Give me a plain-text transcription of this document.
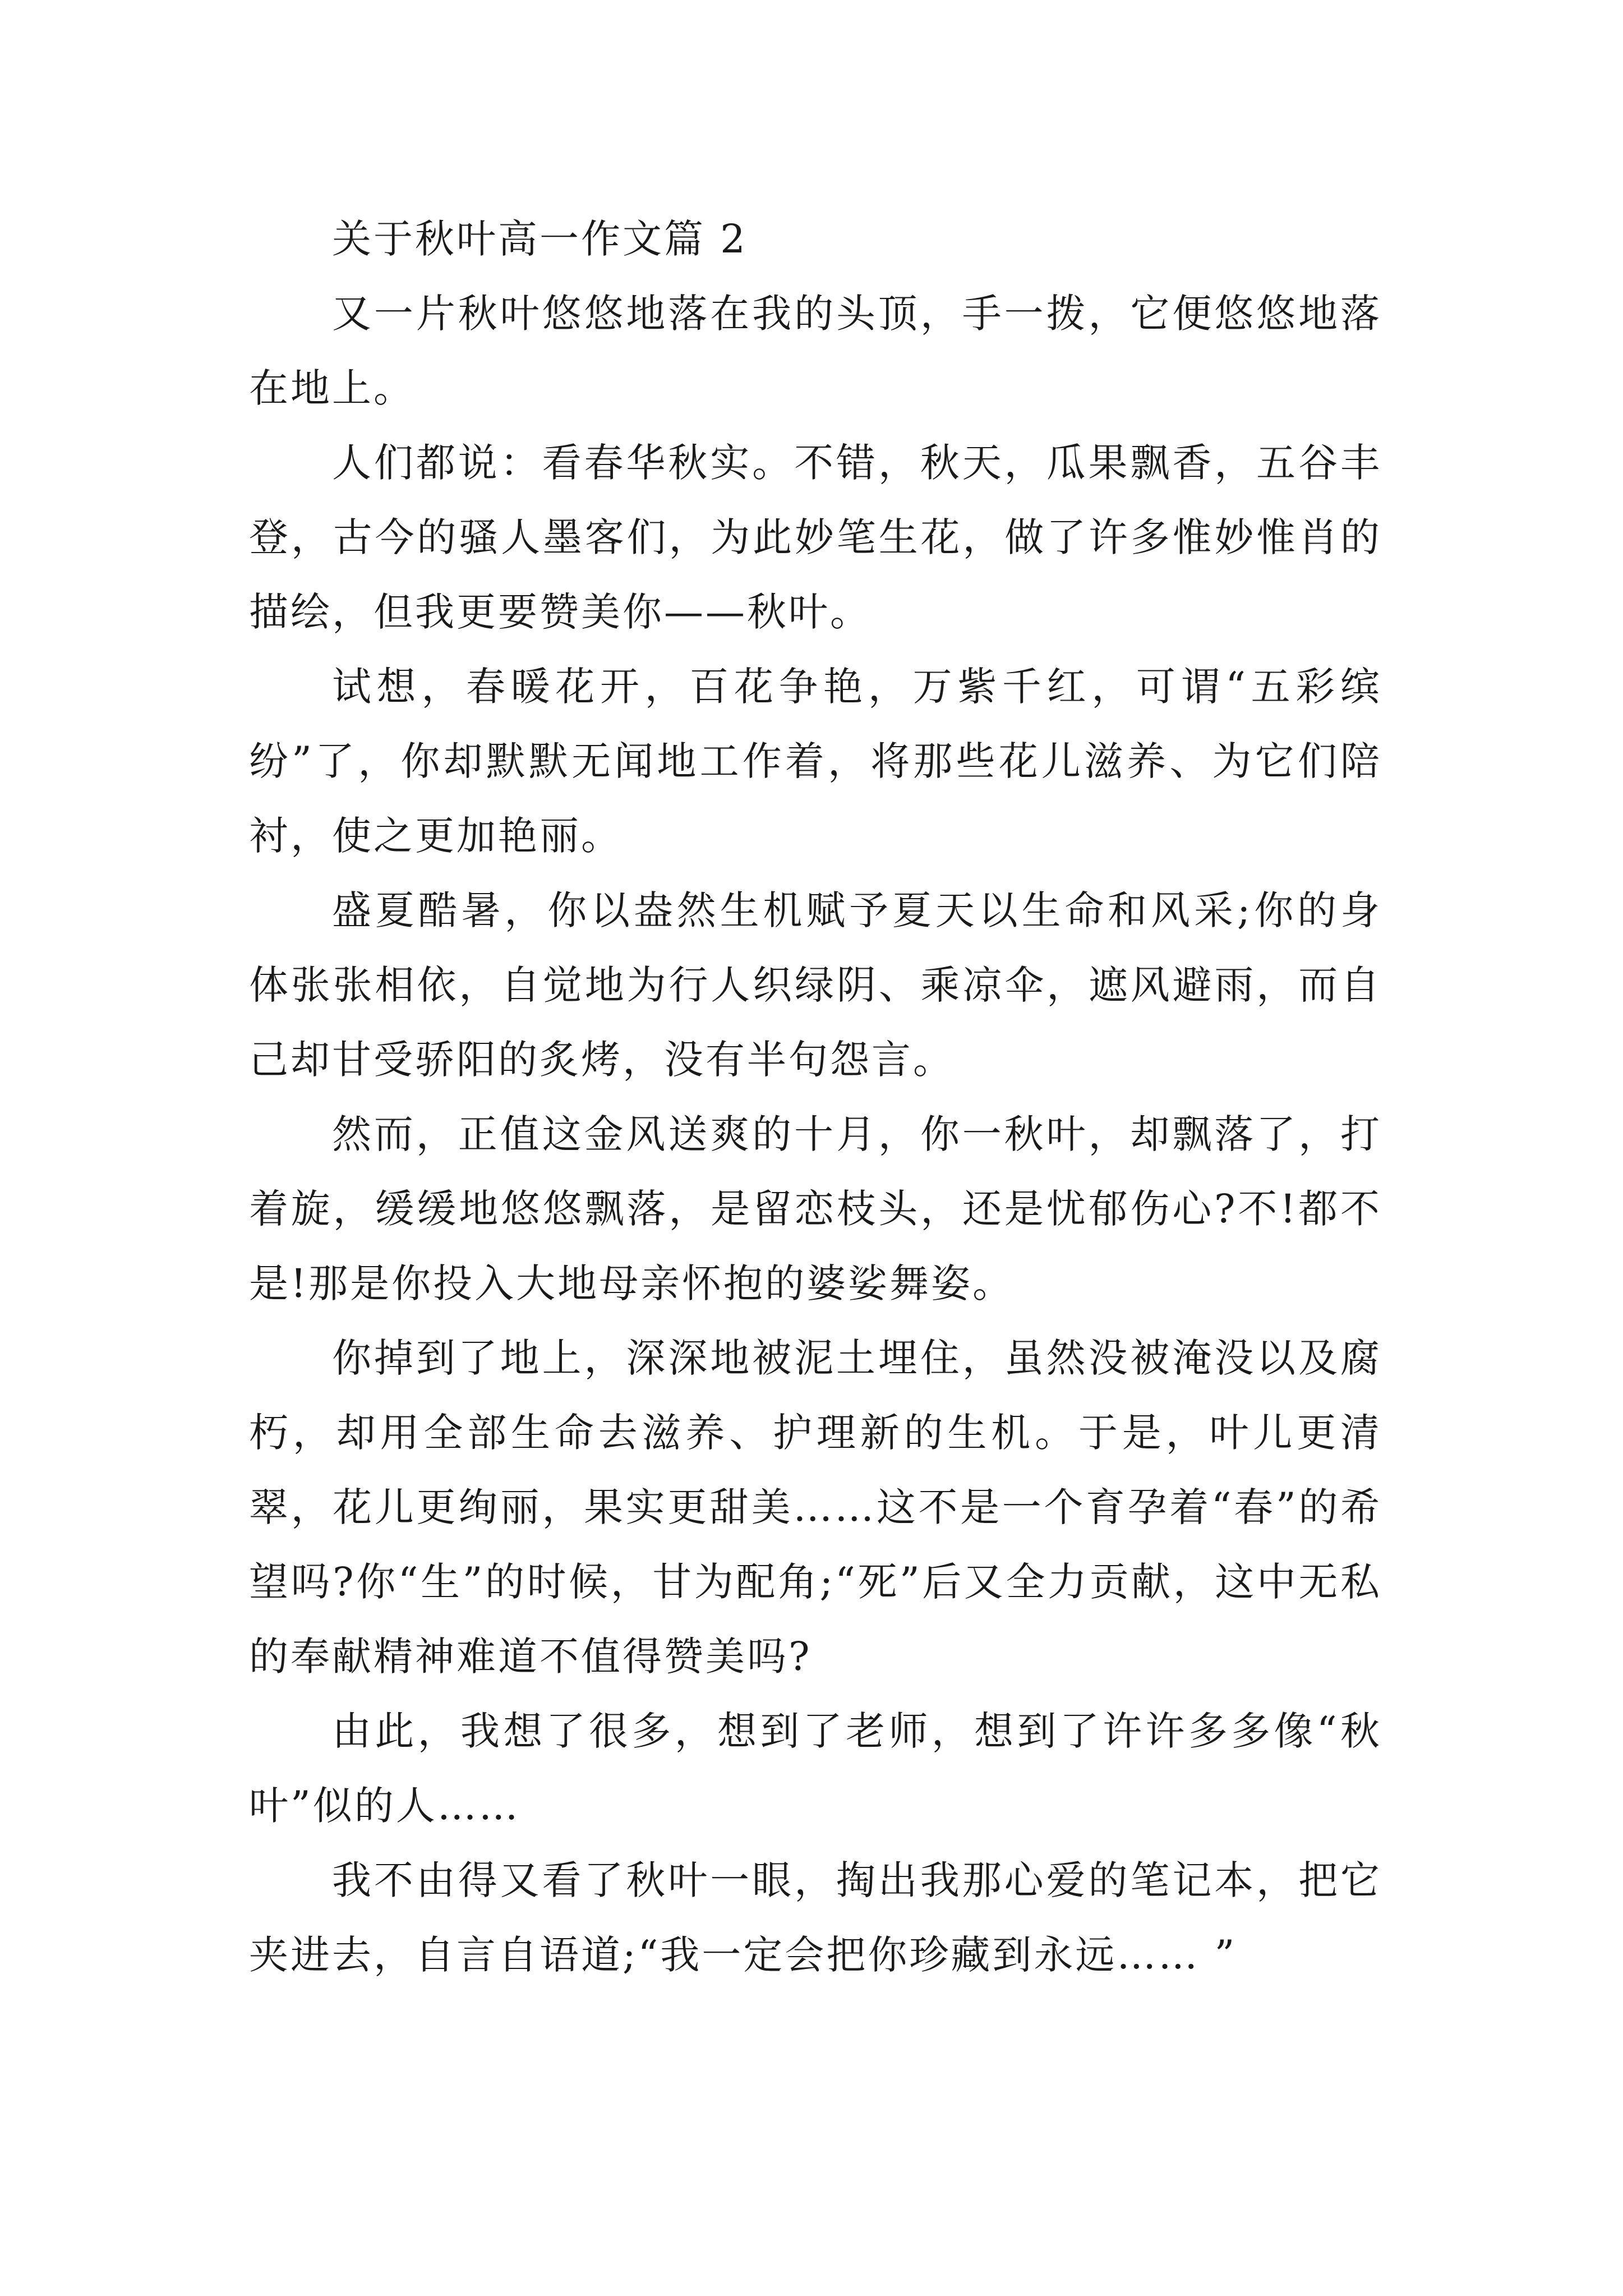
关于秋叶高一作文篇 2

又一片秋叶悠悠地落在我的头顶，手一拨，它便悠悠地落在地上。

人们都说：看春华秋实。不错，秋天，瓜果飘香，五谷丰登，古今的骚人墨客们，为此妙笔生花，做了许多惟妙惟肖的描绘，但我更要赞美你——秋叶。

试想，春暖花开，百花争艳，万紫千红，可谓“五彩缤纷”了，你却默默无闻地工作着，将那些花儿滋养、为它们陪衬，使之更加艳丽。

盛夏酷暑，你以盎然生机赋予夏天以生命和风采;你的身体张张相依，自觉地为行人织绿阴、乘凉伞，遮风避雨，而自己却甘受骄阳的炙烤，没有半句怨言。

然而，正值这金风送爽的十月，你一秋叶，却飘落了，打着旋，缓缓地悠悠飘落，是留恋枝头，还是忧郁伤心?不!都不是!那是你投入大地母亲怀抱的婆娑舞姿。

你掉到了地上，深深地被泥土埋住，虽然没被淹没以及腐朽，却用全部生命去滋养、护理新的生机。于是，叶儿更清翠，花儿更绚丽，果实更甜美……这不是一个育孕着“春”的希望吗?你“生”的时候，甘为配角;“死”后又全力贡献，这中无私的奉献精神难道不值得赞美吗?

由此，我想了很多，想到了老师，想到了许许多多像“秋叶”似的人……

我不由得又看了秋叶一眼，掏出我那心爱的笔记本，把它夹进去，自言自语道;“我一定会把你珍藏到永远…… ”
